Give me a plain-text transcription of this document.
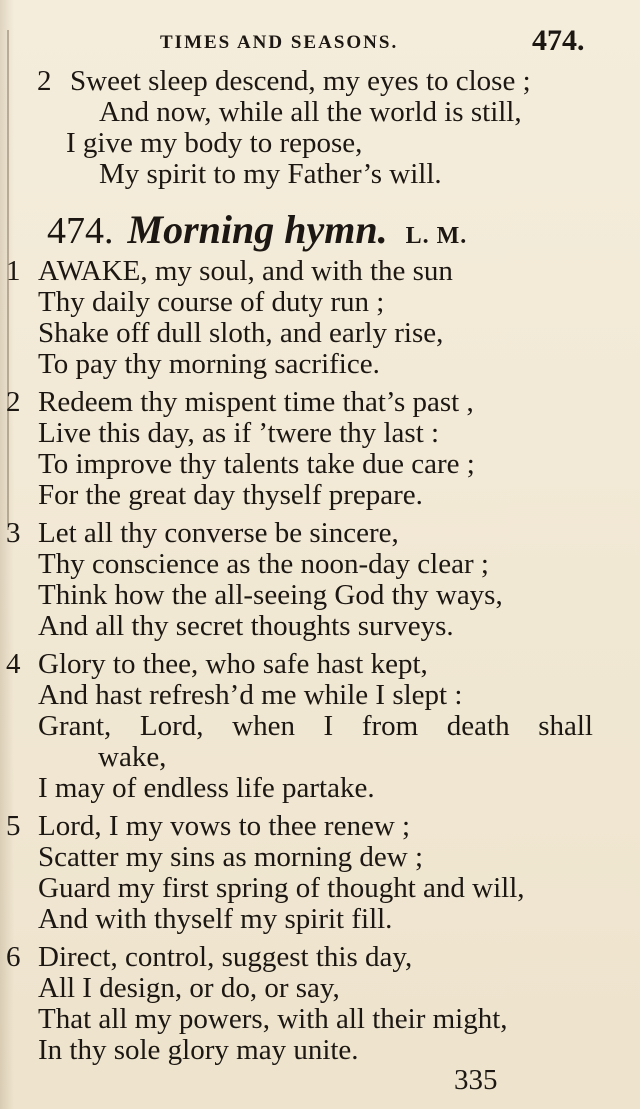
TIMES AND SEASONS.	474.
2 Sweet sleep descend, my eyes to close ;
And now, while all the world is still,
I give my body to repose,
My spirit to my Father’s will.
474. Morning hymn. L. M.
1 AWAKE, my soul, and with the sun
Thy daily course of duty run ;
Shake off dull sloth, and early rise,
To pay thy morning sacrifice.
2 Redeem thy mispent time that’s past ,
Live this day, as if ’twere thy last :
To improve thy talents take due care ;
For the great day thyself prepare.
3 Let all thy converse be sincere,
Thy conscience as the noon-day clear ;
Think how the all-seeing God thy ways,
And all thy secret thoughts surveys.
4 Glory to thee, who safe hast kept,
And hast refresh’d me while I slept :
Grant, Lord, when I from death shall
wake,
I may of endless life partake.
5 Lord, I my vows to thee renew ;
Scatter my sins as morning dew ;
Guard my first spring of thought and will,
And with thyself my spirit fill.
6 Direct, control, suggest this day,
All I design, or do, or say,
That all my powers, with all their might,
In thy sole glory may unite.
335
